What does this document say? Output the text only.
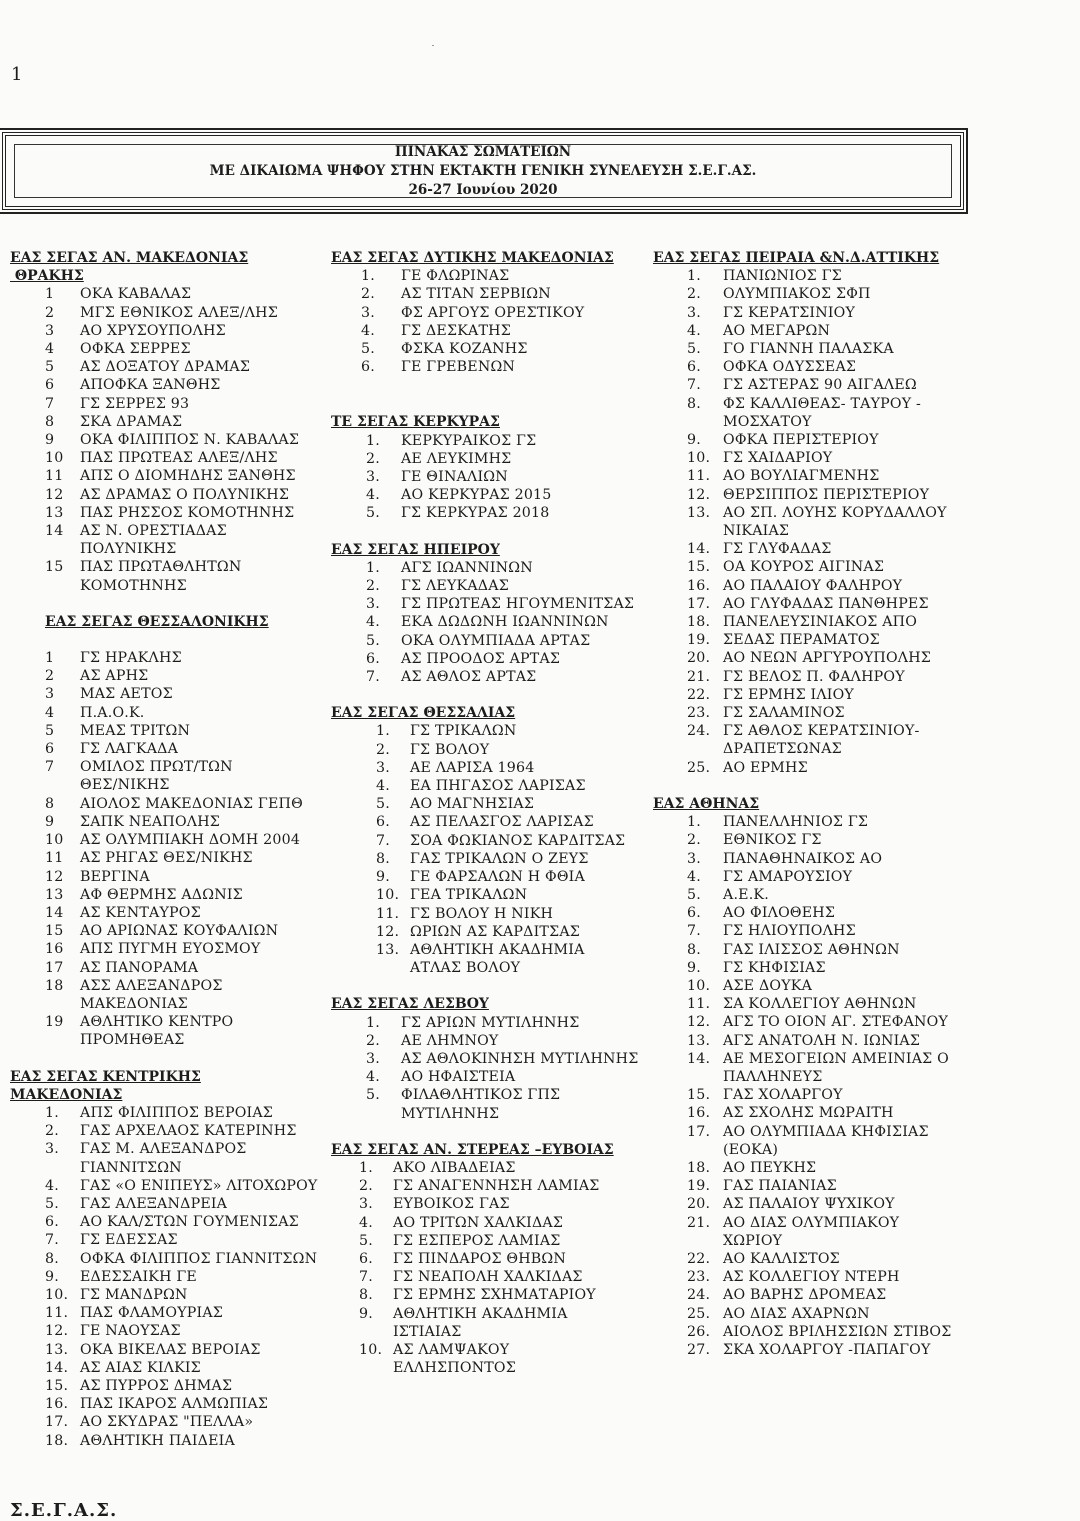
1
ΠΙΝΑΚΑΣ ΣΩΜΑΤΕΙΩΝ
ΜΕ ΔΙΚΑΙΩΜΑ ΨΗΦΟΥ ΣΤΗΝ ΕΚΤΑΚΤΗ ΓΕΝΙΚΗ ΣΥΝΕΛΕΥΣΗ Σ.Ε.Γ.ΑΣ.
26-27 Ιουνίου 2020
ΕΑΣ ΣΕΓΑΣ ΑΝ. ΜΑΚΕΔΟΝΙΑΣ
ΘΡΑΚΗΣ
1	ΟΚΑ ΚΑΒΑΛΑΣ
2	ΜΓΣ ΕΘΝΙΚΟΣ ΑΛΕΞ/ΛΗΣ
3	ΑΟ ΧΡΥΣΟΥΠΟΛΗΣ
4	ΟΦΚΑ ΣΕΡΡΕΣ
5	ΑΣ ΔΟΞΑΤΟΥ ΔΡΑΜΑΣ
6	ΑΠΟΦΚΑ ΞΑΝΘΗΣ
7	ΓΣ ΣΕΡΡΕΣ 93
8	ΣΚΑ ΔΡΑΜΑΣ
9	ΟΚΑ ΦΙΛΙΠΠΟΣ Ν. ΚΑΒΑΛΑΣ
10	ΠΑΣ ΠΡΩΤΕΑΣ ΑΛΕΞ/ΛΗΣ
11	ΑΠΣ Ο ΔΙΟΜΗΔΗΣ ΞΑΝΘΗΣ
12	ΑΣ ΔΡΑΜΑΣ Ο ΠΟΛΥΝΙΚΗΣ
13	ΠΑΣ ΡΗΣΣΟΣ ΚΟΜΟΤΗΝΗΣ
14	ΑΣ Ν. ΟΡΕΣΤΙΑΔΑΣ
ΠΟΛΥΝΙΚΗΣ
15	ΠΑΣ ΠΡΩΤΑΘΛΗΤΩΝ
ΚΟΜΟΤΗΝΗΣ
ΕΑΣ ΣΕΓΑΣ ΘΕΣΣΑΛΟΝΙΚΗΣ
1	ΓΣ ΗΡΑΚΛΗΣ
2	ΑΣ ΑΡΗΣ
3	ΜΑΣ ΑΕΤΟΣ
4	Π.Α.Ο.Κ.
5	ΜΕΑΣ ΤΡΙΤΩΝ
6	ΓΣ ΛΑΓΚΑΔΑ
7	ΟΜΙΛΟΣ ΠΡΩΤ/ΤΩΝ
ΘΕΣ/ΝΙΚΗΣ
8	ΑΙΟΛΟΣ ΜΑΚΕΔΟΝΙΑΣ ΓΕΠΘ
9	ΣΑΠΚ ΝΕΑΠΟΛΗΣ
10	ΑΣ ΟΛΥΜΠΙΑΚΗ ΔΟΜΗ 2004
11	ΑΣ ΡΗΓΑΣ ΘΕΣ/ΝΙΚΗΣ
12	ΒΕΡΓΙΝΑ
13	ΑΦ ΘΕΡΜΗΣ ΑΔΩΝΙΣ
14	ΑΣ ΚΕΝΤΑΥΡΟΣ
15	ΑΟ ΑΡΙΩΝΑΣ ΚΟΥΦΑΛΙΩΝ
16	ΑΠΣ ΠΥΓΜΗ ΕΥΟΣΜΟΥ
17	ΑΣ ΠΑΝΟΡΑΜΑ
18	ΑΣΣ ΑΛΕΞΑΝΔΡΟΣ
ΜΑΚΕΔΟΝΙΑΣ
19	ΑΘΛΗΤΙΚΟ ΚΕΝΤΡΟ
ΠΡΟΜΗΘΕΑΣ
ΕΑΣ ΣΕΓΑΣ ΚΕΝΤΡΙΚΗΣ
ΜΑΚΕΔΟΝΙΑΣ
1.	ΑΠΣ ΦΙΛΙΠΠΟΣ ΒΕΡΟΙΑΣ
2.	ΓΑΣ ΑΡΧΕΛΑΟΣ ΚΑΤΕΡΙΝΗΣ
3.	ΓΑΣ Μ. ΑΛΕΞΑΝΔΡΟΣ
ΓΙΑΝΝΙΤΣΩΝ
4.	ΓΑΣ «Ο ΕΝΙΠΕΥΣ» ΛΙΤΟΧΩΡΟΥ
5.	ΓΑΣ ΑΛΕΞΑΝΔΡΕΙΑ
6.	ΑΟ ΚΑΛ/ΣΤΩΝ ΓΟΥΜΕΝΙΣΑΣ
7.	ΓΣ ΕΔΕΣΣΑΣ
8.	ΟΦΚΑ ΦΙΛΙΠΠΟΣ ΓΙΑΝΝΙΤΣΩΝ
9.	ΕΔΕΣΣΑΙΚΗ ΓΕ
10. ΓΣ ΜΑΝΔΡΩΝ
11. ΠΑΣ ΦΛΑΜΟΥΡΙΑΣ
12. ΓΕ ΝΑΟΥΣΑΣ
13. ΟΚΑ ΒΙΚΕΛΑΣ ΒΕΡΟΙΑΣ
14. ΑΣ ΑΙΑΣ ΚΙΛΚΙΣ
15. ΑΣ ΠΥΡΡΟΣ ΔΗΜΑΣ
16. ΠΑΣ ΙΚΑΡΟΣ ΑΛΜΩΠΙΑΣ
17. ΑΟ ΣΚΥΔΡΑΣ "ΠΕΛΛΑ»
18. ΑΘΛΗΤΙΚΗ ΠΑΙΔΕΙΑ
ΕΑΣ ΣΕΓΑΣ ΔΥΤΙΚΗΣ ΜΑΚΕΔΟΝΙΑΣ
1.	ΓΕ ΦΛΩΡΙΝΑΣ
2.	ΑΣ ΤΙΤΑΝ ΣΕΡΒΙΩΝ
3.	ΦΣ ΑΡΓΟΥΣ ΟΡΕΣΤΙΚΟΥ
4.	ΓΣ ΔΕΣΚΑΤΗΣ
5.	ΦΣΚΑ ΚΟΖΑΝΗΣ
6.	ΓΕ ΓΡΕΒΕΝΩΝ
ΤΕ ΣΕΓΑΣ ΚΕΡΚΥΡΑΣ
1.	ΚΕΡΚΥΡΑΙΚΟΣ ΓΣ
2.	ΑΕ ΛΕΥΚΙΜΗΣ
3.	ΓΕ ΘΙΝΑΛΙΩΝ
4.	ΑΟ ΚΕΡΚΥΡΑΣ 2015
5.	ΓΣ ΚΕΡΚΥΡΑΣ 2018
ΕΑΣ ΣΕΓΑΣ ΗΠΕΙΡΟΥ
1.	ΑΓΣ ΙΩΑΝΝΙΝΩΝ
2.	ΓΣ ΛΕΥΚΑΔΑΣ
3.	ΓΣ ΠΡΩΤΕΑΣ ΗΓΟΥΜΕΝΙΤΣΑΣ
4.	ΕΚΑ ΔΩΔΩΝΗ ΙΩΑΝΝΙΝΩΝ
5.	ΟΚΑ ΟΛΥΜΠΙΑΔΑ ΑΡΤΑΣ
6.	ΑΣ ΠΡΟΟΔΟΣ ΑΡΤΑΣ
7.	ΑΣ ΑΘΛΟΣ ΑΡΤΑΣ
ΕΑΣ ΣΕΓΑΣ ΘΕΣΣΑΛΙΑΣ
1.	ΓΣ ΤΡΙΚΑΛΩΝ
2.	ΓΣ ΒΟΛΟΥ
3.	ΑΕ ΛΑΡΙΣΑ 1964
4.	ΕΑ ΠΗΓΑΣΟΣ ΛΑΡΙΣΑΣ
5.	ΑΟ ΜΑΓΝΗΣΙΑΣ
6.	ΑΣ ΠΕΛΑΣΓΟΣ ΛΑΡΙΣΑΣ
7.	ΣΟΑ ΦΩΚΙΑΝΟΣ ΚΑΡΔΙΤΣΑΣ
8.	ΓΑΣ ΤΡΙΚΑΛΩΝ Ο ΖΕΥΣ
9.	ΓΕ ΦΑΡΣΑΛΩΝ Η ΦΘΙΑ
10. ΓΕΑ ΤΡΙΚΑΛΩΝ
11. ΓΣ ΒΟΛΟΥ Η ΝΙΚΗ
12. ΩΡΙΩΝ ΑΣ ΚΑΡΔΙΤΣΑΣ
13. ΑΘΛΗΤΙΚΗ ΑΚΑΔΗΜΙΑ
ΑΤΛΑΣ ΒΟΛΟΥ
ΕΑΣ ΣΕΓΑΣ ΛΕΣΒΟΥ
1.	ΓΣ ΑΡΙΩΝ ΜΥΤΙΛΗΝΗΣ
2.	ΑΕ ΛΗΜΝΟΥ
3.	ΑΣ ΑΘΛΟΚΙΝΗΣΗ ΜΥΤΙΛΗΝΗΣ
4.	ΑΟ ΗΦΑΙΣΤΕΙΑ
5.	ΦΙΛΑΘΛΗΤΙΚΟΣ ΓΠΣ
ΜΥΤΙΛΗΝΗΣ
ΕΑΣ ΣΕΓΑΣ ΑΝ. ΣΤΕΡΕΑΣ –ΕΥΒΟΙΑΣ
1.	ΑΚΟ ΛΙΒΑΔΕΙΑΣ
2.	ΓΣ ΑΝΑΓΕΝΝΗΣΗ ΛΑΜΙΑΣ
3.	ΕΥΒΟΙΚΟΣ ΓΑΣ
4.	ΑΟ ΤΡΙΤΩΝ ΧΑΛΚΙΔΑΣ
5.	ΓΣ ΕΣΠΕΡΟΣ ΛΑΜΙΑΣ
6.	ΓΣ ΠΙΝΔΑΡΟΣ ΘΗΒΩΝ
7.	ΓΣ ΝΕΑΠΟΛΗ ΧΑΛΚΙΔΑΣ
8.	ΓΣ ΕΡΜΗΣ ΣΧΗΜΑΤΑΡΙΟΥ
9.	ΑΘΛΗΤΙΚΗ ΑΚΑΔΗΜΙΑ
ΙΣΤΙΑΙΑΣ
10. ΑΣ ΛΑΜΨΑΚΟΥ
ΕΛΛΗΣΠΟΝΤΟΣ
ΕΑΣ ΣΕΓΑΣ ΠΕΙΡΑΙΑ &Ν.Δ.ΑΤΤΙΚΗΣ
1.	ΠΑΝΙΩΝΙΟΣ ΓΣ
2.	ΟΛΥΜΠΙΑΚΟΣ ΣΦΠ
3.	ΓΣ ΚΕΡΑΤΣΙΝΙΟΥ
4.	ΑΟ ΜΕΓΑΡΩΝ
5.	ΓΟ ΓΙΑΝΝΗ ΠΑΛΑΣΚΑ
6.	ΟΦΚΑ ΟΔΥΣΣΕΑΣ
7.	ΓΣ ΑΣΤΕΡΑΣ 90 ΑΙΓΑΛΕΩ
8.	ΦΣ ΚΑΛΛΙΘΕΑΣ- ΤΑΥΡΟΥ -
ΜΟΣΧΑΤΟΥ
9.	ΟΦΚΑ ΠΕΡΙΣΤΕΡΙΟΥ
10. ΓΣ ΧΑΙΔΑΡΙΟΥ
11. ΑΟ ΒΟΥΛΙΑΓΜΕΝΗΣ
12. ΘΕΡΣΙΠΠΟΣ ΠΕΡΙΣΤΕΡΙΟΥ
13. ΑΟ ΣΠ. ΛΟΥΗΣ ΚΟΡΥΔΑΛΛΟΥ
ΝΙΚΑΙΑΣ
14. ΓΣ ΓΛΥΦΑΔΑΣ
15. ΟΑ ΚΟΥΡΟΣ ΑΙΓΙΝΑΣ
16. ΑΟ ΠΑΛΑΙΟΥ ΦΑΛΗΡΟΥ
17. ΑΟ ΓΛΥΦΑΔΑΣ ΠΑΝΘΗΡΕΣ
18. ΠΑΝΕΛΕΥΣΙΝΙΑΚΟΣ ΑΠΟ
19. ΣΕΔΑΣ ΠΕΡΑΜΑΤΟΣ
20. ΑΟ ΝΕΩΝ ΑΡΓΥΡΟΥΠΟΛΗΣ
21. ΓΣ ΒΕΛΟΣ Π. ΦΑΛΗΡΟΥ
22. ΓΣ ΕΡΜΗΣ ΙΛΙΟΥ
23. ΓΣ ΣΑΛΑΜΙΝΟΣ
24. ΓΣ ΑΘΛΟΣ ΚΕΡΑΤΣΙΝΙΟΥ-
ΔΡΑΠΕΤΣΩΝΑΣ
25. ΑΟ ΕΡΜΗΣ
ΕΑΣ ΑΘΗΝΑΣ
1.	ΠΑΝΕΛΛΗΝΙΟΣ ΓΣ
2.	ΕΘΝΙΚΟΣ ΓΣ
3.	ΠΑΝΑΘΗΝΑΙΚΟΣ ΑΟ
4.	ΓΣ ΑΜΑΡΟΥΣΙΟΥ
5.	Α.Ε.Κ.
6.	ΑΟ ΦΙΛΟΘΕΗΣ
7.	ΓΣ ΗΛΙΟΥΠΟΛΗΣ
8.	ΓΑΣ ΙΛΙΣΣΟΣ ΑΘΗΝΩΝ
9.	ΓΣ ΚΗΦΙΣΙΑΣ
10. ΑΣΕ ΔΟΥΚΑ
11. ΣΑ ΚΟΛΛΕΓΙΟΥ ΑΘΗΝΩΝ
12. ΑΓΣ ΤΟ ΟΙΟΝ ΑΓ. ΣΤΕΦΑΝΟΥ
13. ΑΓΣ ΑΝΑΤΟΛΗ Ν. ΙΩΝΙΑΣ
14. ΑΕ ΜΕΣΟΓΕΙΩΝ ΑΜΕΙΝΙΑΣ Ο
ΠΑΛΛΗΝΕΥΣ
15. ΓΑΣ ΧΟΛΑΡΓΟΥ
16. ΑΣ ΣΧΟΛΗΣ ΜΩΡΑΙΤΗ
17. ΑΟ ΟΛΥΜΠΙΑΔΑ ΚΗΦΙΣΙΑΣ
(ΕΟΚΑ)
18. ΑΟ ΠΕΥΚΗΣ
19. ΓΑΣ ΠΑΙΑΝΙΑΣ
20. ΑΣ ΠΑΛΑΙΟΥ ΨΥΧΙΚΟΥ
21. ΑΟ ΔΙΑΣ ΟΛΥΜΠΙΑΚΟΥ
ΧΩΡΙΟΥ
22. ΑΟ ΚΑΛΛΙΣΤΟΣ
23. ΑΣ ΚΟΛΛΕΓΙΟΥ ΝΤΕΡΗ
24. ΑΟ ΒΑΡΗΣ ΔΡΟΜΕΑΣ
25. ΑΟ ΔΙΑΣ ΑΧΑΡΝΩΝ
26. ΑΙΟΛΟΣ ΒΡΙΛΗΣΣΙΩΝ ΣΤΙΒΟΣ
27. ΣΚΑ ΧΟΛΑΡΓΟΥ -ΠΑΠΑΓΟΥ
Σ.Ε.Γ.Α.Σ.
